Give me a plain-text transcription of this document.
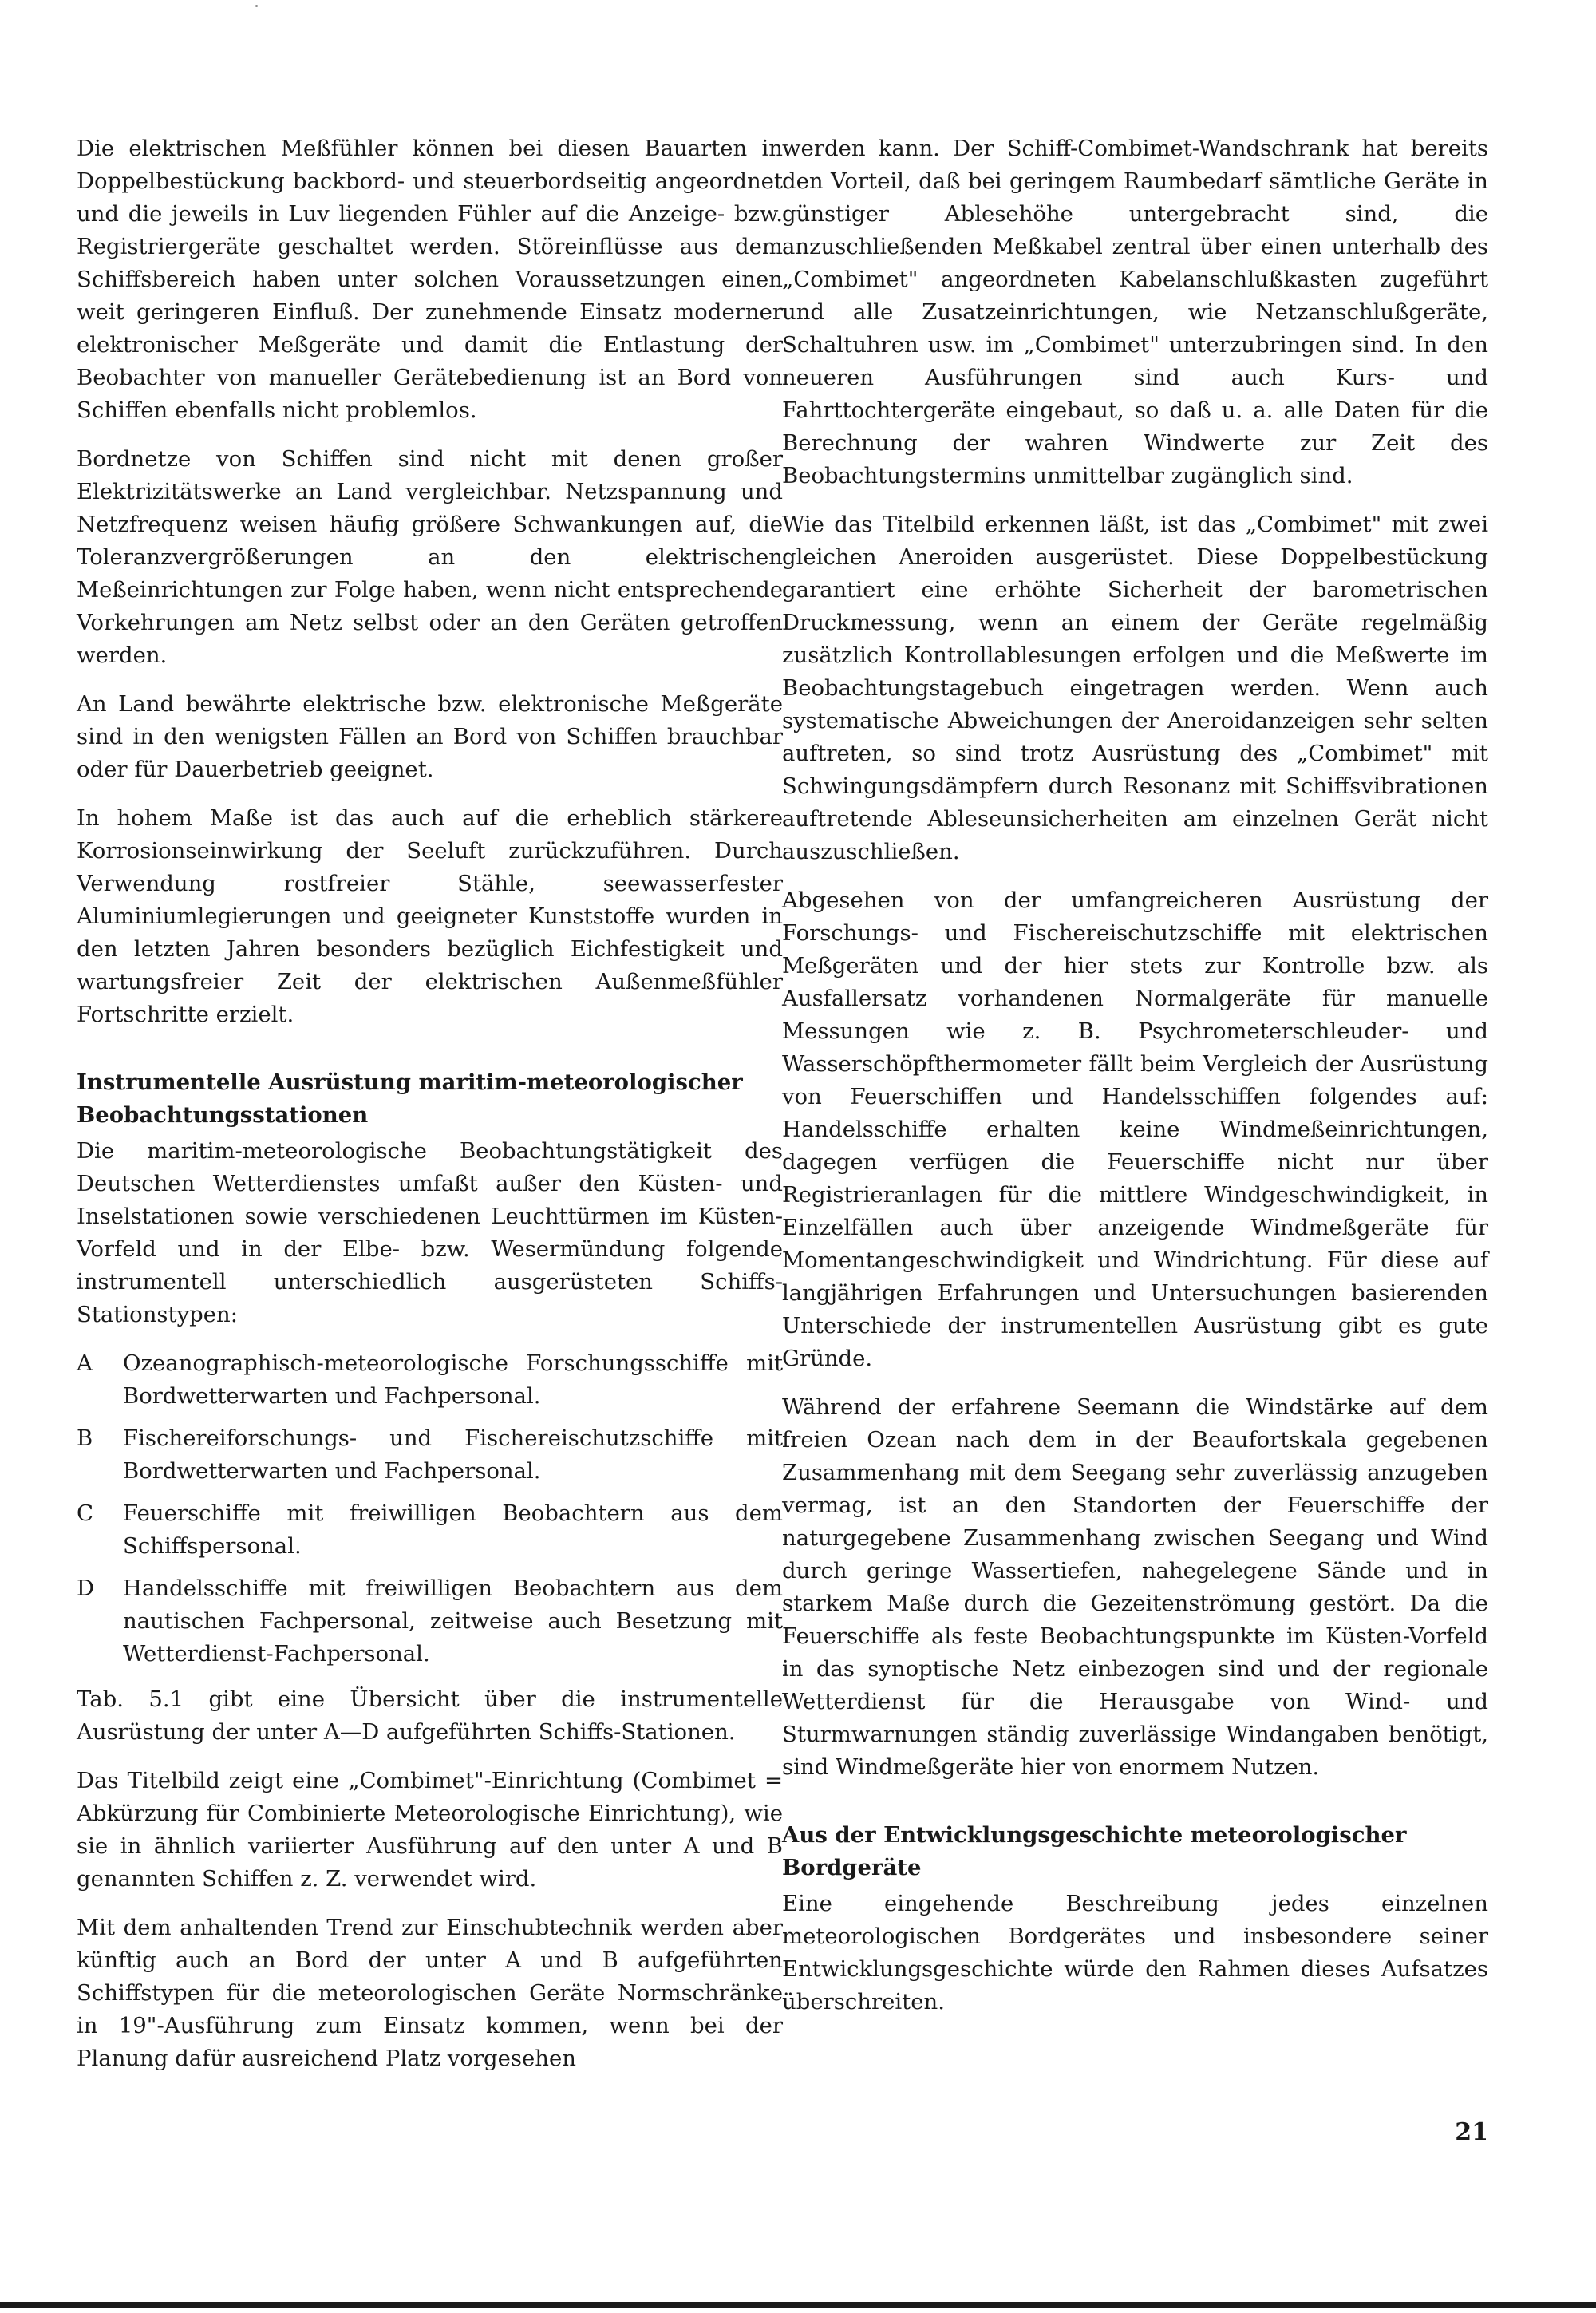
Die elektrischen Meßfühler können bei diesen Bauarten in Doppelbestückung backbord- und steuerbordseitig angeordnet und die jeweils in Luv liegenden Fühler auf die Anzeige- bzw. Registriergeräte geschaltet werden. Störeinflüsse aus dem Schiffsbereich haben unter solchen Voraussetzungen einen weit geringeren Einfluß. Der zunehmende Einsatz moderner elektronischer Meßgeräte und damit die Entlastung der Beobachter von manueller Gerätebedienung ist an Bord von Schiffen ebenfalls nicht problemlos.

Bordnetze von Schiffen sind nicht mit denen großer Elektrizitätswerke an Land vergleichbar. Netzspannung und Netzfrequenz weisen häufig größere Schwankungen auf, die Toleranzvergrößerungen an den elektrischen Meßeinrichtungen zur Folge haben, wenn nicht entsprechende Vorkehrungen am Netz selbst oder an den Geräten getroffen werden.

An Land bewährte elektrische bzw. elektronische Meßgeräte sind in den wenigsten Fällen an Bord von Schiffen brauchbar oder für Dauerbetrieb geeignet.

In hohem Maße ist das auch auf die erheblich stärkere Korrosionseinwirkung der Seeluft zurückzuführen. Durch Verwendung rostfreier Stähle, seewasserfester Aluminiumlegierungen und geeigneter Kunststoffe wurden in den letzten Jahren besonders bezüglich Eichfestigkeit und wartungsfreier Zeit der elektrischen Außenmeßfühler Fortschritte erzielt.

Instrumentelle Ausrüstung maritim-meteorologischer Beobachtungsstationen

Die maritim-meteorologische Beobachtungstätigkeit des Deutschen Wetterdienstes umfaßt außer den Küsten- und Inselstationen sowie verschiedenen Leuchttürmen im Küsten-Vorfeld und in der Elbe- bzw. Wesermündung folgende instrumentell unterschiedlich ausgerüsteten Schiffs-Stationstypen:

A	Ozeanographisch-meteorologische Forschungsschiffe mit Bordwetterwarten und Fachpersonal.
B	Fischereiforschungs- und Fischereischutzschiffe mit Bordwetterwarten und Fachpersonal.
C	Feuerschiffe mit freiwilligen Beobachtern aus dem Schiffspersonal.
D	Handelsschiffe mit freiwilligen Beobachtern aus dem nautischen Fachpersonal, zeitweise auch Besetzung mit Wetterdienst-Fachpersonal.

Tab. 5.1 gibt eine Übersicht über die instrumentelle Ausrüstung der unter A—D aufgeführten Schiffs-Stationen.

Das Titelbild zeigt eine „Combimet"-Einrichtung (Combimet = Abkürzung für Combinierte Meteorologische Einrichtung), wie sie in ähnlich variierter Ausführung auf den unter A und B genannten Schiffen z. Z. verwendet wird.

Mit dem anhaltenden Trend zur Einschubtechnik werden aber künftig auch an Bord der unter A und B aufgeführten Schiffstypen für die meteorologischen Geräte Normschränke in 19"-Ausführung zum Einsatz kommen, wenn bei der Planung dafür ausreichend Platz vorgesehen

werden kann. Der Schiff-Combimet-Wandschrank hat bereits den Vorteil, daß bei geringem Raumbedarf sämtliche Geräte in günstiger Ablesehöhe untergebracht sind, die anzuschließenden Meßkabel zentral über einen unterhalb des „Combimet" angeordneten Kabelanschlußkasten zugeführt und alle Zusatzeinrichtungen, wie Netzanschlußgeräte, Schaltuhren usw. im „Combimet" unterzubringen sind. In den neueren Ausführungen sind auch Kurs- und Fahrttochtergeräte eingebaut, so daß u. a. alle Daten für die Berechnung der wahren Windwerte zur Zeit des Beobachtungstermins unmittelbar zugänglich sind.

Wie das Titelbild erkennen läßt, ist das „Combimet" mit zwei gleichen Aneroiden ausgerüstet. Diese Doppelbestückung garantiert eine erhöhte Sicherheit der barometrischen Druckmessung, wenn an einem der Geräte regelmäßig zusätzlich Kontrollablesungen erfolgen und die Meßwerte im Beobachtungstagebuch eingetragen werden. Wenn auch systematische Abweichungen der Aneroidanzeigen sehr selten auftreten, so sind trotz Ausrüstung des „Combimet" mit Schwingungsdämpfern durch Resonanz mit Schiffsvibrationen auftretende Ableseunsicherheiten am einzelnen Gerät nicht auszuschließen.

Abgesehen von der umfangreicheren Ausrüstung der Forschungs- und Fischereischutzschiffe mit elektrischen Meßgeräten und der hier stets zur Kontrolle bzw. als Ausfallersatz vorhandenen Normalgeräte für manuelle Messungen wie z. B. Psychrometerschleuder- und Wasserschöpfthermometer fällt beim Vergleich der Ausrüstung von Feuerschiffen und Handelsschiffen folgendes auf: Handelsschiffe erhalten keine Windmeßeinrichtungen, dagegen verfügen die Feuerschiffe nicht nur über Registrieranlagen für die mittlere Windgeschwindigkeit, in Einzelfällen auch über anzeigende Windmeßgeräte für Momentangeschwindigkeit und Windrichtung. Für diese auf langjährigen Erfahrungen und Untersuchungen basierenden Unterschiede der instrumentellen Ausrüstung gibt es gute Gründe.

Während der erfahrene Seemann die Windstärke auf dem freien Ozean nach dem in der Beaufortskala gegebenen Zusammenhang mit dem Seegang sehr zuverlässig anzugeben vermag, ist an den Standorten der Feuerschiffe der naturgegebene Zusammenhang zwischen Seegang und Wind durch geringe Wassertiefen, nahegelegene Sände und in starkem Maße durch die Gezeitenströmung gestört. Da die Feuerschiffe als feste Beobachtungspunkte im Küsten-Vorfeld in das synoptische Netz einbezogen sind und der regionale Wetterdienst für die Herausgabe von Wind- und Sturmwarnungen ständig zuverlässige Windangaben benötigt, sind Windmeßgeräte hier von enormem Nutzen.

Aus der Entwicklungsgeschichte meteorologischer Bordgeräte

Eine eingehende Beschreibung jedes einzelnen meteorologischen Bordgerätes und insbesondere seiner Entwicklungsgeschichte würde den Rahmen dieses Aufsatzes überschreiten.

21
